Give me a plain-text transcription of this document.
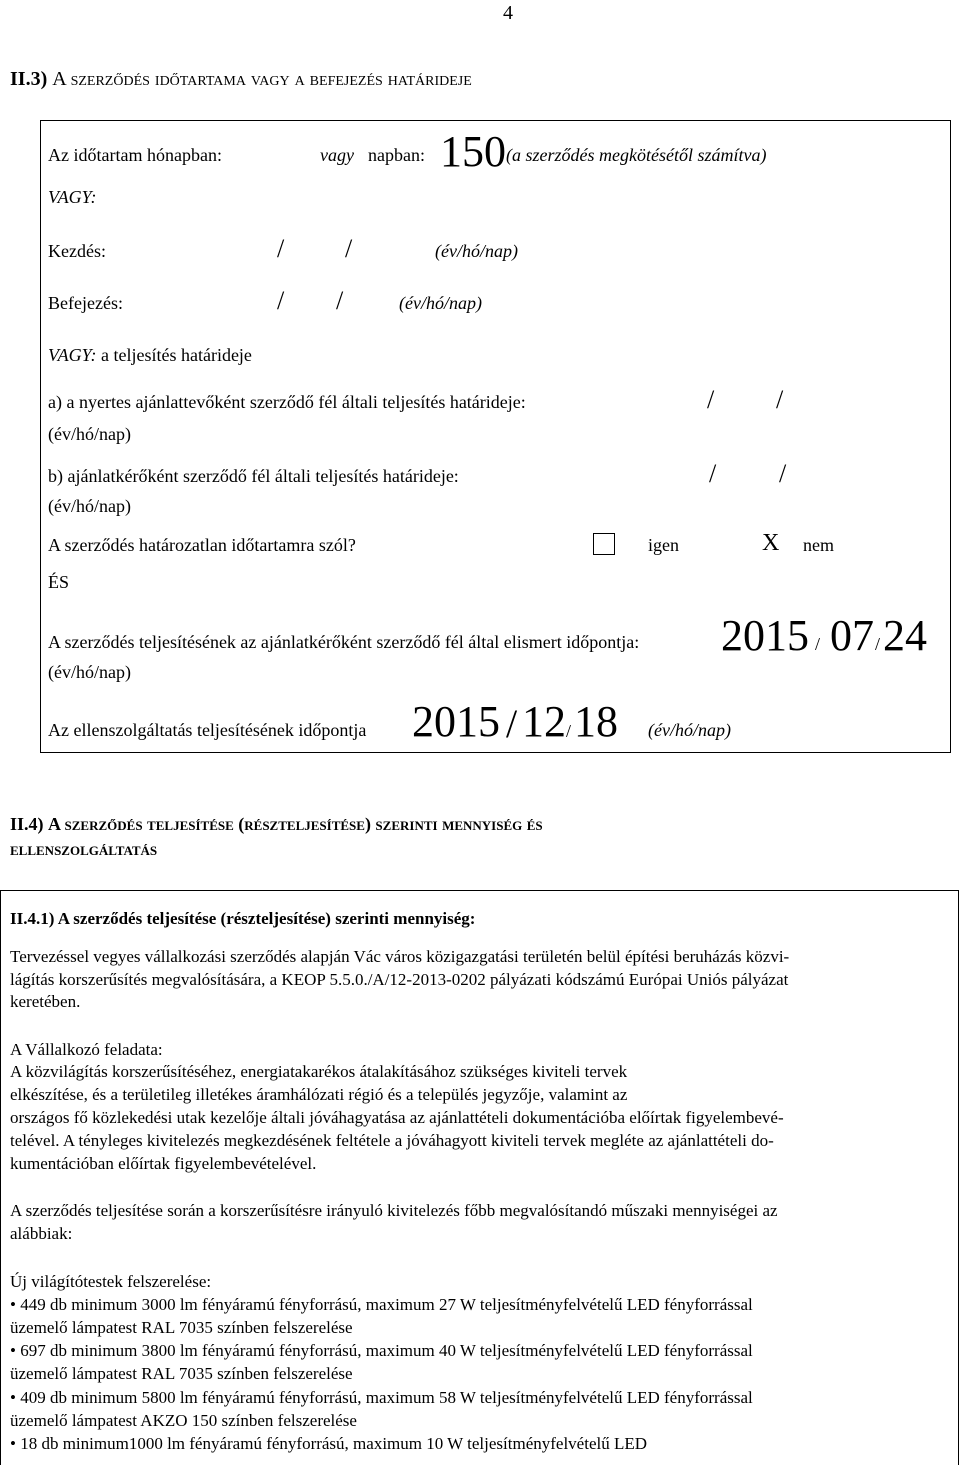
4
II.3) A szerződés időtartama vagy a befejezés határideje
Az időtartam hónapban:	vagy napban: 150 (a szerződés megkötésétől számítva)
VAGY:
Kezdés:	/ /	(év/hó/nap)
Befejezés:	/ /	(év/hó/nap)
VAGY: a teljesítés határideje
a) a nyertes ajánlattevőként szerződő fél általi teljesítés határideje:	/ /
(év/hó/nap)
b) ajánlatkérőként szerződő fél általi teljesítés határideje:	/ /
(év/hó/nap)
A szerződés határozatlan időtartamra szól?	igen	X nem
ÉS
A szerződés teljesítésének az ajánlatkérőként szerződő fél által elismert időpontja: 2015 / 07 / 24
(év/hó/nap)
Az ellenszolgáltatás teljesítésének időpontja 2015 / 12 / 18 (év/hó/nap)
II.4) A szerződés teljesítése (részteljesítése) szerinti mennyiség és
ellenszolgáltatás
II.4.1) A szerződés teljesítése (részteljesítése) szerinti mennyiség:
Tervezéssel vegyes vállalkozási szerződés alapján Vác város közigazgatási területén belül építési beruházás közvi-
lágítás korszerűsítés megvalósítására, a KEOP 5.5.0./A/12-2013-0202 pályázati kódszámú Európai Uniós pályázat
keretében.
A Vállalkozó feladata:
A közvilágítás korszerűsítéséhez, energiatakarékos átalakításához szükséges kiviteli tervek
elkészítése, és a területileg illetékes áramhálózati régió és a település jegyzője, valamint az
országos fő közlekedési utak kezelője általi jóváhagyatása az ajánlattételi dokumentációba előírtak figyelembevé-
telével. A tényleges kivitelezés megkezdésének feltétele a jóváhagyott kiviteli tervek megléte az ajánlattételi do-
kumentációban előírtak figyelembevételével.
A szerződés teljesítése során a korszerűsítésre irányuló kivitelezés főbb megvalósítandó műszaki mennyiségei az
alábbiak:
Új világítótestek felszerelése:
• 449 db minimum 3000 lm fényáramú fényforrású, maximum 27 W teljesítményfelvételű LED fényforrással
üzemelő lámpatest RAL 7035 színben felszerelése
• 697 db minimum 3800 lm fényáramú fényforrású, maximum 40 W teljesítményfelvételű LED fényforrással
üzemelő lámpatest RAL 7035 színben felszerelése
• 409 db minimum 5800 lm fényáramú fényforrású, maximum 58 W teljesítményfelvételű LED fényforrással
üzemelő lámpatest AKZO 150 színben felszerelése
• 18 db minimum1000 lm fényáramú fényforrású, maximum 10 W teljesítményfelvételű LED
